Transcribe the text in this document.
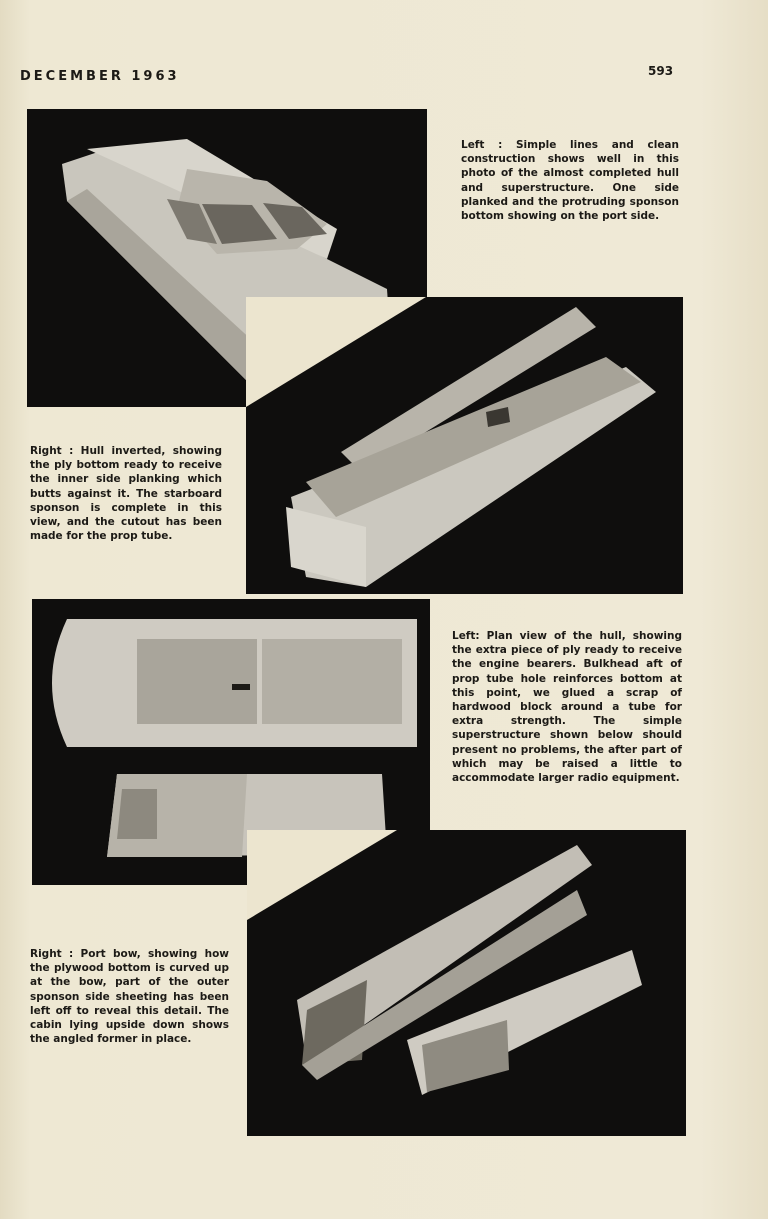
DECEMBER 1963	593
Left : Simple lines and clean construction shows well in this photo of the almost completed hull and superstructure. One side planked and the protruding sponson bottom showing on the port side.
Right : Hull inverted, showing the ply bottom ready to receive the inner side planking which butts against it. The starboard sponson is complete in this view, and the cutout has been made for the prop tube.
Left: Plan view of the hull, showing the extra piece of ply ready to receive the engine bearers. Bulkhead aft of prop tube hole reinforces bottom at this point, we glued a scrap of hardwood block around a tube for extra strength. The simple superstructure shown below should present no problems, the after part of which may be raised a little to accommodate larger radio equipment.
Right : Port bow, showing how the plywood bottom is curved up at the bow, part of the outer sponson side sheeting has been left off to reveal this detail. The cabin lying upside down shows the angled former in place.
